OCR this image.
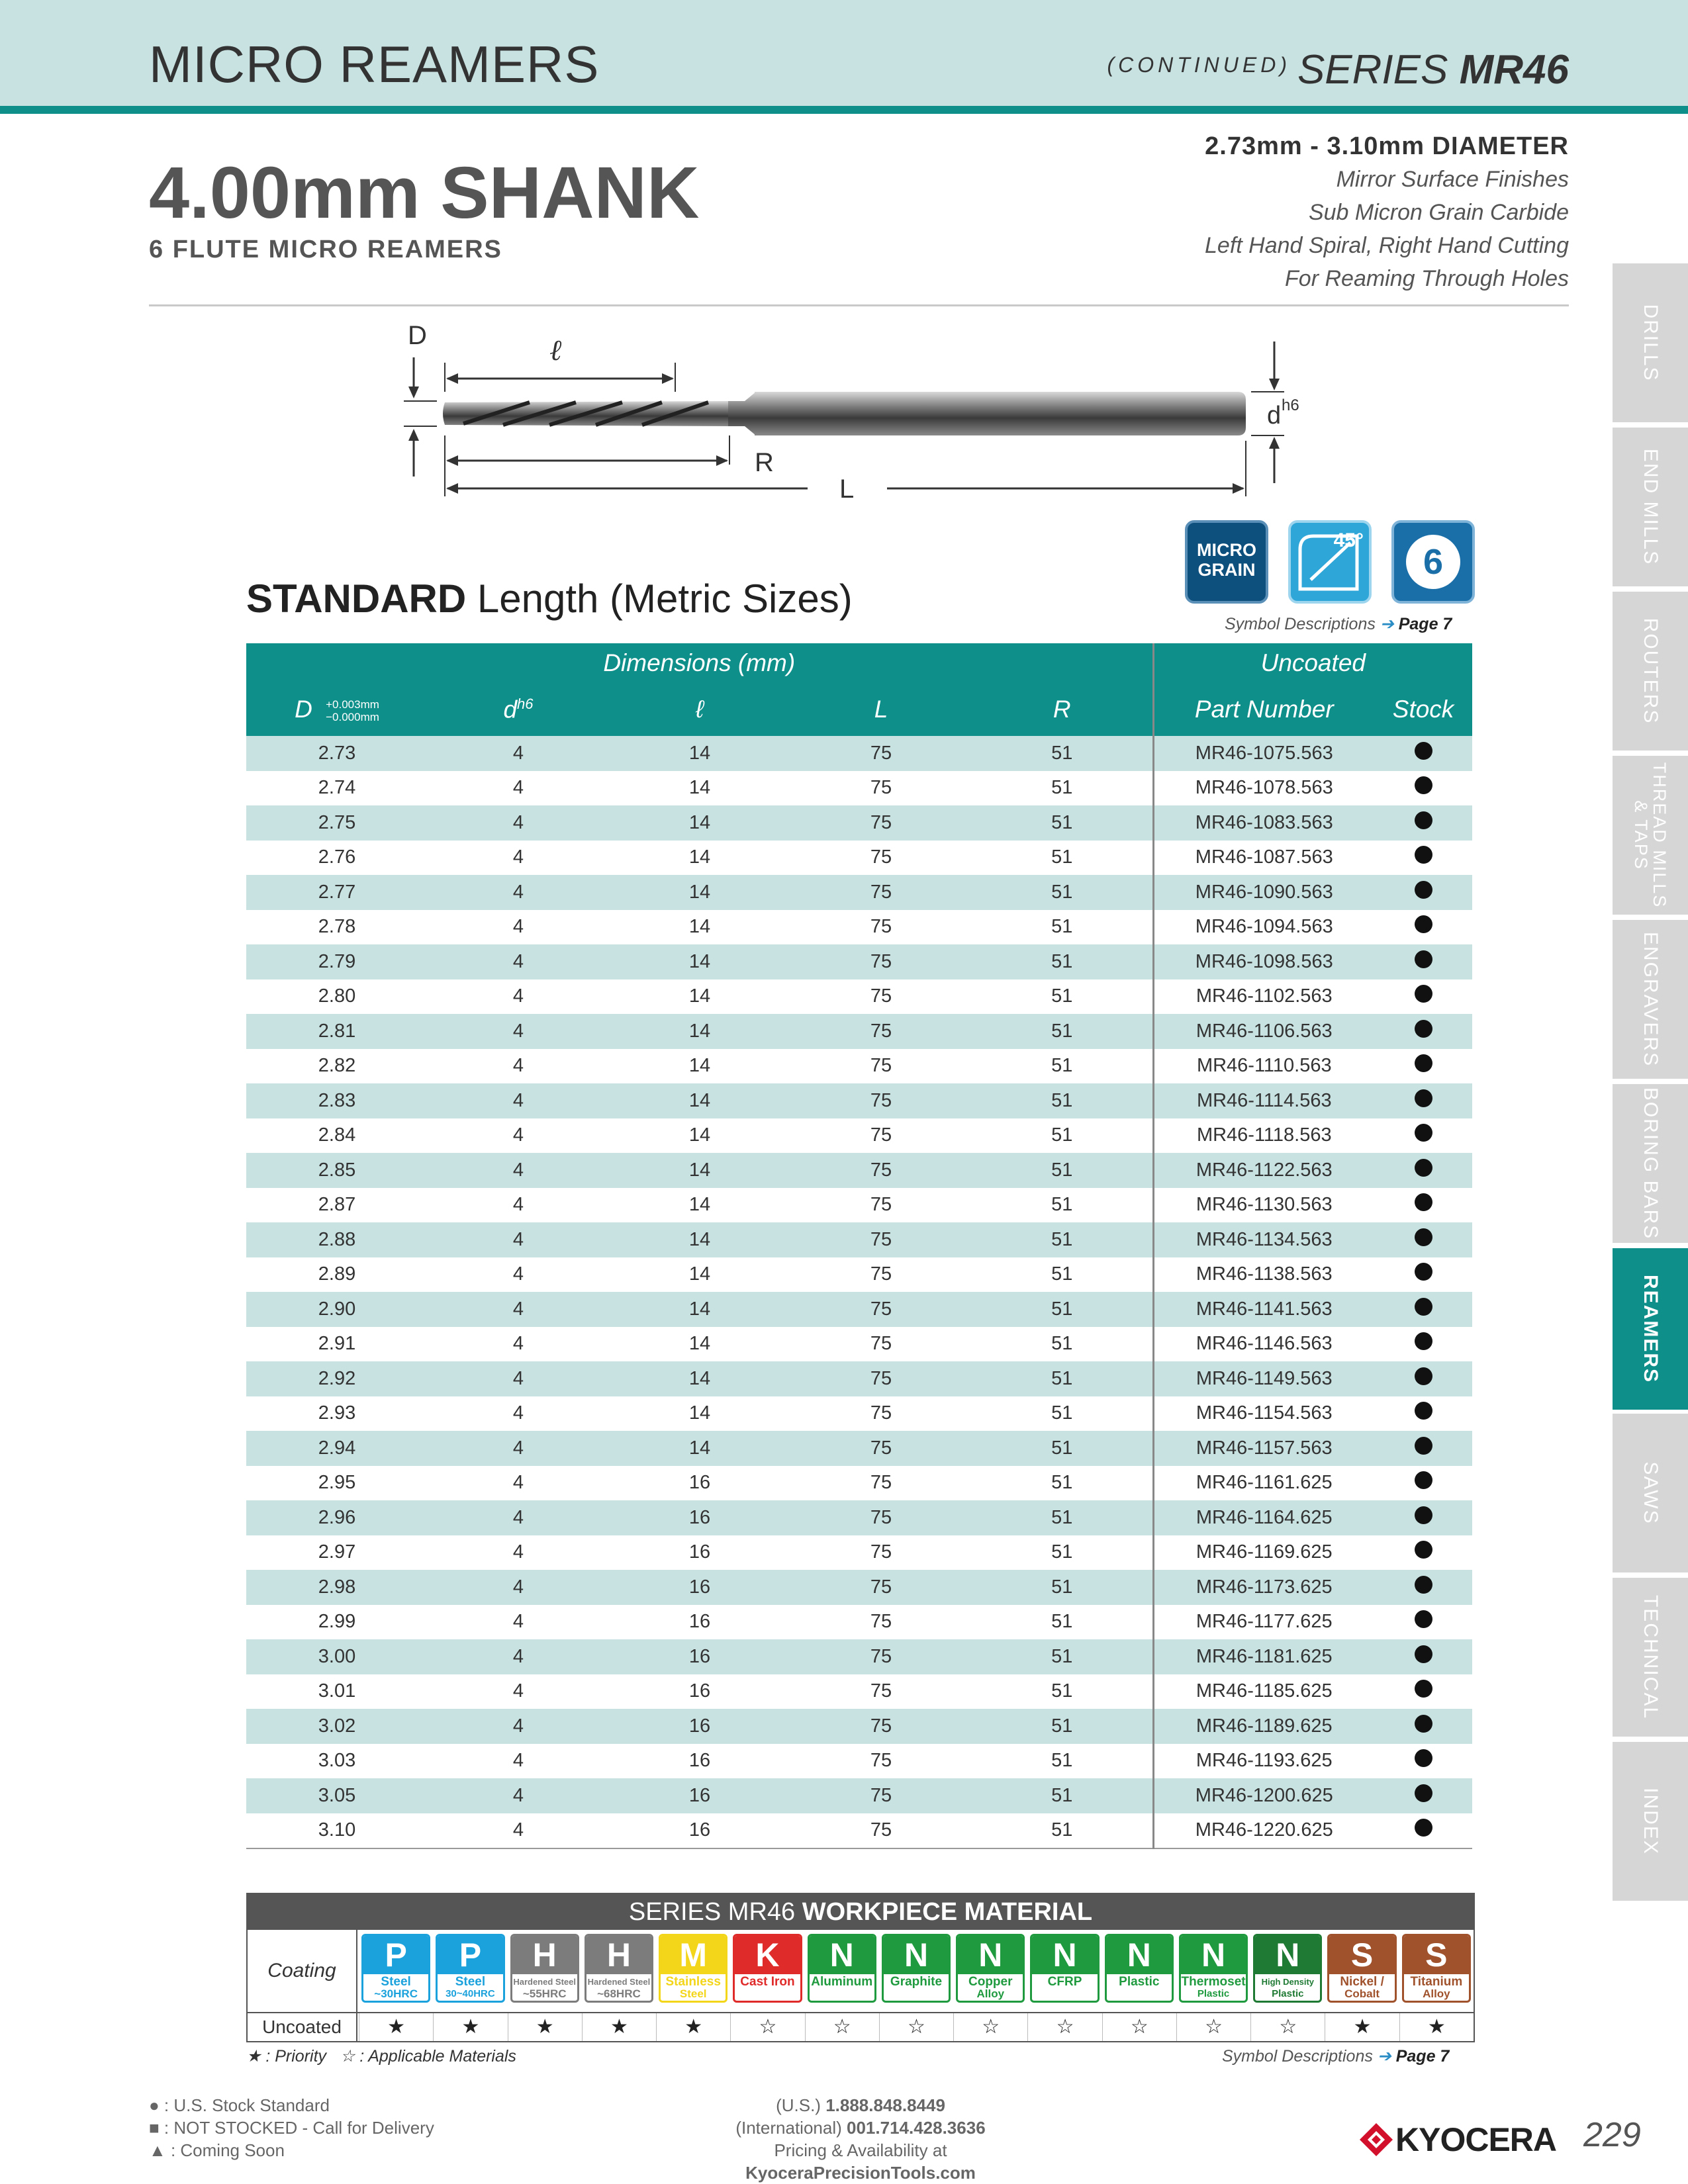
MICRO REAMERS	(CONTINUED) SERIES MR46
DRILLS
END MILLS
ROUTERS
THREAD MILLS & TAPS
ENGRAVERS
BORING BARS
REAMERS
SAWS
TECHNICAL
INDEX
4.00mm SHANK
6 FLUTE MICRO REAMERS
2.73mm - 3.10mm DIAMETER
Mirror Surface Finishes
Sub Micron Grain Carbide
Left Hand Spiral, Right Hand Cutting
For Reaming Through Holes
D	ℓ
R
L
d h6
MICRO GRAIN
45°
6
STANDARD Length (Metric Sizes)
Symbol Descriptions ➔ Page 7
Dimensions (mm)					Uncoated	
D +0.003mm
−0.000mm	$d^{h6}$	ℓ	L	R	Part Number	Stock
2.73	4	14	75	51	MR46-1075.563	
2.74	4	14	75	51	MR46-1078.563	
2.75	4	14	75	51	MR46-1083.563	
2.76	4	14	75	51	MR46-1087.563	
2.77	4	14	75	51	MR46-1090.563	
2.78	4	14	75	51	MR46-1094.563	
2.79	4	14	75	51	MR46-1098.563	
2.80	4	14	75	51	MR46-1102.563	
2.81	4	14	75	51	MR46-1106.563	
2.82	4	14	75	51	MR46-1110.563	
2.83	4	14	75	51	MR46-1114.563	
2.84	4	14	75	51	MR46-1118.563	
2.85	4	14	75	51	MR46-1122.563	
2.87	4	14	75	51	MR46-1130.563	
2.88	4	14	75	51	MR46-1134.563	
2.89	4	14	75	51	MR46-1138.563	
2.90	4	14	75	51	MR46-1141.563	
2.91	4	14	75	51	MR46-1146.563	
2.92	4	14	75	51	MR46-1149.563	
2.93	4	14	75	51	MR46-1154.563	
2.94	4	14	75	51	MR46-1157.563	
2.95	4	16	75	51	MR46-1161.625	
2.96	4	16	75	51	MR46-1164.625	
2.97	4	16	75	51	MR46-1169.625	
2.98	4	16	75	51	MR46-1173.625	
2.99	4	16	75	51	MR46-1177.625	
3.00	4	16	75	51	MR46-1181.625	
3.01	4	16	75	51	MR46-1185.625	
3.02	4	16	75	51	MR46-1189.625	
3.03	4	16	75	51	MR46-1193.625	
3.05	4	16	75	51	MR46-1200.625	
3.10	4	16	75	51	MR46-1220.625	
SERIES MR46 WORKPIECE MATERIAL
Coating	P
Steel
~30HRC
P
Steel
30~40HRC
H
Hardened Steel
~55HRC
H
Hardened Steel
~68HRC
M
Stainless
Steel
K
Cast Iron
N
Aluminum
N
Graphite
N
Copper
Alloy
N
CFRP
N
Plastic
N
Thermoset
Plastic
N
High Density
Plastic
S
Nickel /
Cobalt
S
Titanium
Alloy
Uncoated	★	★	★	★	★	☆	☆	☆	☆	☆	☆	☆	☆	★	★
★ : Priority ☆ : Applicable Materials	Symbol Descriptions ➔ Page 7
● : U.S. Stock Standard
■ : NOT STOCKED - Call for Delivery
▲ : Coming Soon
(U.S.) 1.888.848.8449
(International) 001.714.428.3636
Pricing & Availability at KyoceraPrecisionTools.com
KYOCERA 229
